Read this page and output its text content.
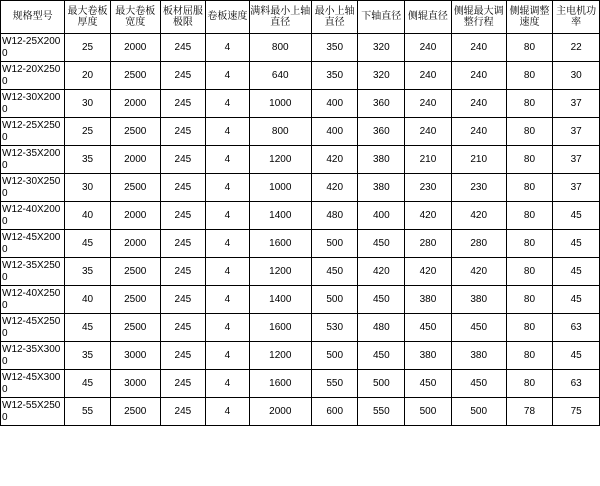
规格型号	最大卷板厚度	最大卷板宽度	板材屈服极限	卷板速度	满料最小上轴直径	最小上轴直径	下轴直径	侧辊直径	侧辊最大调整行程	侧辊调整速度	主电机功率
W12-25X2000	25	2000	245	4	800	350	320	240	240	80	22
W12-20X2500	20	2500	245	4	640	350	320	240	240	80	30
W12-30X2000	30	2000	245	4	1000	400	360	240	240	80	37
W12-25X2500	25	2500	245	4	800	400	360	240	240	80	37
W12-35X2000	35	2000	245	4	1200	420	380	210	210	80	37
W12-30X2500	30	2500	245	4	1000	420	380	230	230	80	37
W12-40X2000	40	2000	245	4	1400	480	400	420	420	80	45
W12-45X2000	45	2000	245	4	1600	500	450	280	280	80	45
W12-35X2500	35	2500	245	4	1200	450	420	420	420	80	45
W12-40X2500	40	2500	245	4	1400	500	450	380	380	80	45
W12-45X2500	45	2500	245	4	1600	530	480	450	450	80	63
W12-35X3000	35	3000	245	4	1200	500	450	380	380	80	45
W12-45X3000	45	3000	245	4	1600	550	500	450	450	80	63
W12-55X2500	55	2500	245	4	2000	600	550	500	500	78	75
